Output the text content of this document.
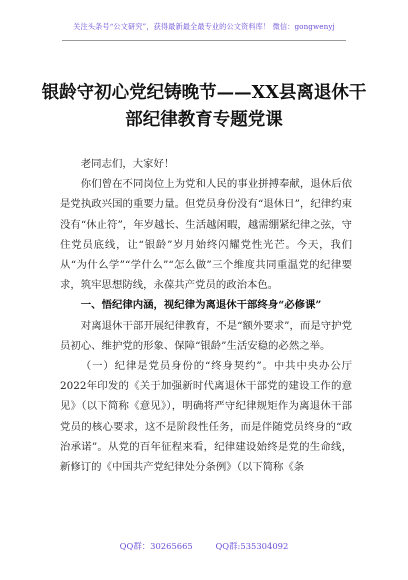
关注头条号“公文研究”，获得最新最全最专业的公文资料库！ 微信：gongwenyj
银龄守初心党纪铸晚节——XX县离退休干
部纪律教育专题党课

老同志们，大家好！

你们曾在不同岗位上为党和人民的事业拼搏奉献，退休后依是党执政兴国的重要力量。但党员身份没有“退休日”，纪律约束没有“休止符”，年岁越长、生活越闲暇，越需绷紧纪律之弦，守住党员底线，让“银龄”岁月始终闪耀党性光芒。今天，我们从“为什么学”“学什么”“怎么做”三个维度共同重温党的纪律要求，筑牢思想防线，永葆共产党员的政治本色。

一、悟纪律内涵，视纪律为离退休干部终身“必修课”

对离退休干部开展纪律教育，不是“额外要求”，而是守护党员初心、维护党的形象、保障“银龄”生活安稳的必然之举。

（一）纪律是党员身份的“终身契约”。中共中央办公厅2022年印发的《关于加强新时代离退休干部党的建设工作的意见》（以下简称《意见》），明确将严守纪律规矩作为离退休干部党员的核心要求，这不是阶段性任务，而是伴随党员终身的“政治承诺”。从党的百年征程来看，纪律建设始终是党的生命线，新修订的《中国共产党纪律处分条例》（以下简称《条

QQ群：30265665	QQ群:535304092
